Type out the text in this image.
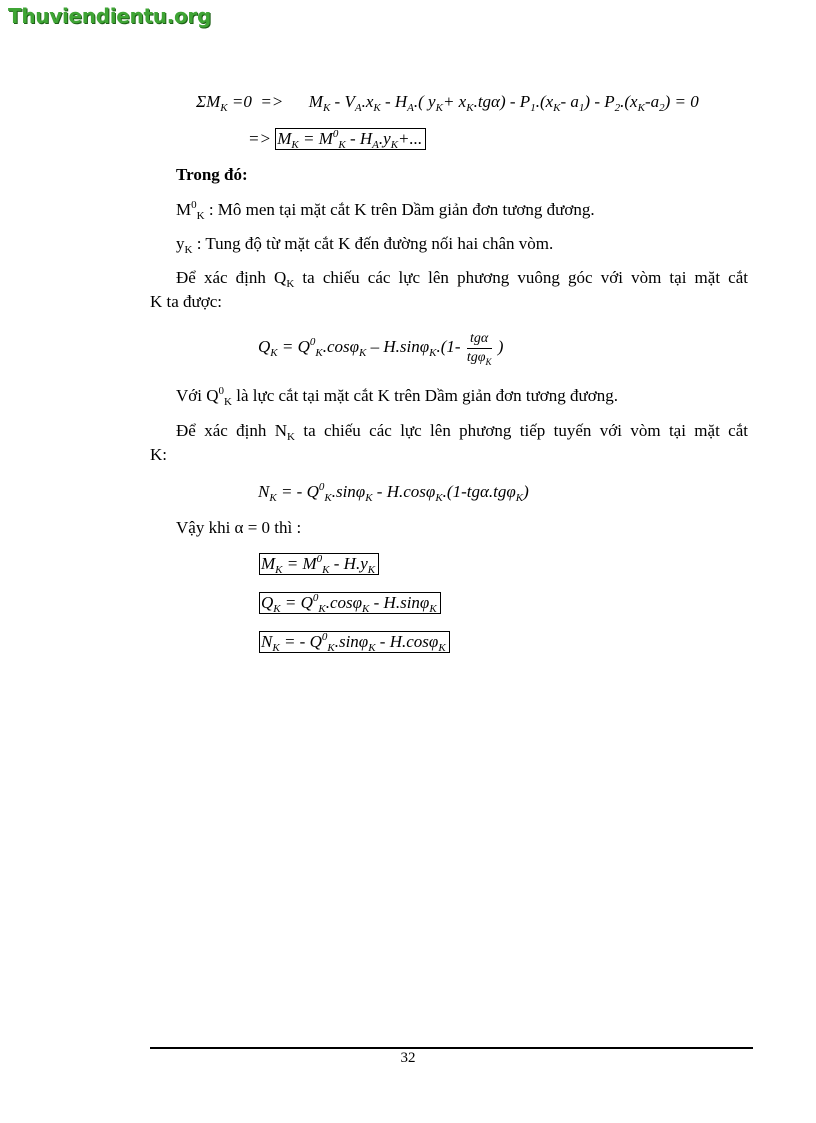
Thuviendientu.org
$\Sigma M_K =0$  =>      $M_K - V_A.x_K - H_A$.( $y_K+ x_K.tg\alpha) - P_1.(x_K-$ $a_1) - P_2.(x_K-a_2) = 0$
=> $M_K = M^0_K - H_A.y_K+$...
Trong đó:
$M^0_K$ : Mô men tại mặt cắt K trên Dầm giản đơn tương đương.
$y_K$ : Tung độ từ mặt cắt K đến đường nối hai chân vòm.
Để xác định $Q_K$ ta chiếu các lực lên phương vuông góc với vòm tại mặt cắt
K ta được:
$Q_K = Q^0_K.\cos\varphi_K - H.\sin\varphi_K.(1- \frac{\text{tgα}}{tg\varphi_K}$ )
Với $Q^0_K$ là lực cắt tại mặt cắt K trên Dầm giản đơn tương đương.
Để xác định $N_K$ ta chiếu các lực lên phương tiếp tuyến với vòm tại mặt cắt
K:
$N_K$ = - $Q^0_K.\sin\varphi_K - H.\cos\varphi_K.(1-tg\alpha.tg\varphi_K)$
Vậy khi α = 0 thì :
$M_K = M^0_K - H.y_K$
$Q_K = Q^0_K.\cos\varphi_K - H.\sin\varphi_K$
$N_K$ = - $Q^0_K.\sin\varphi_K - H.\cos\varphi_K$
32
